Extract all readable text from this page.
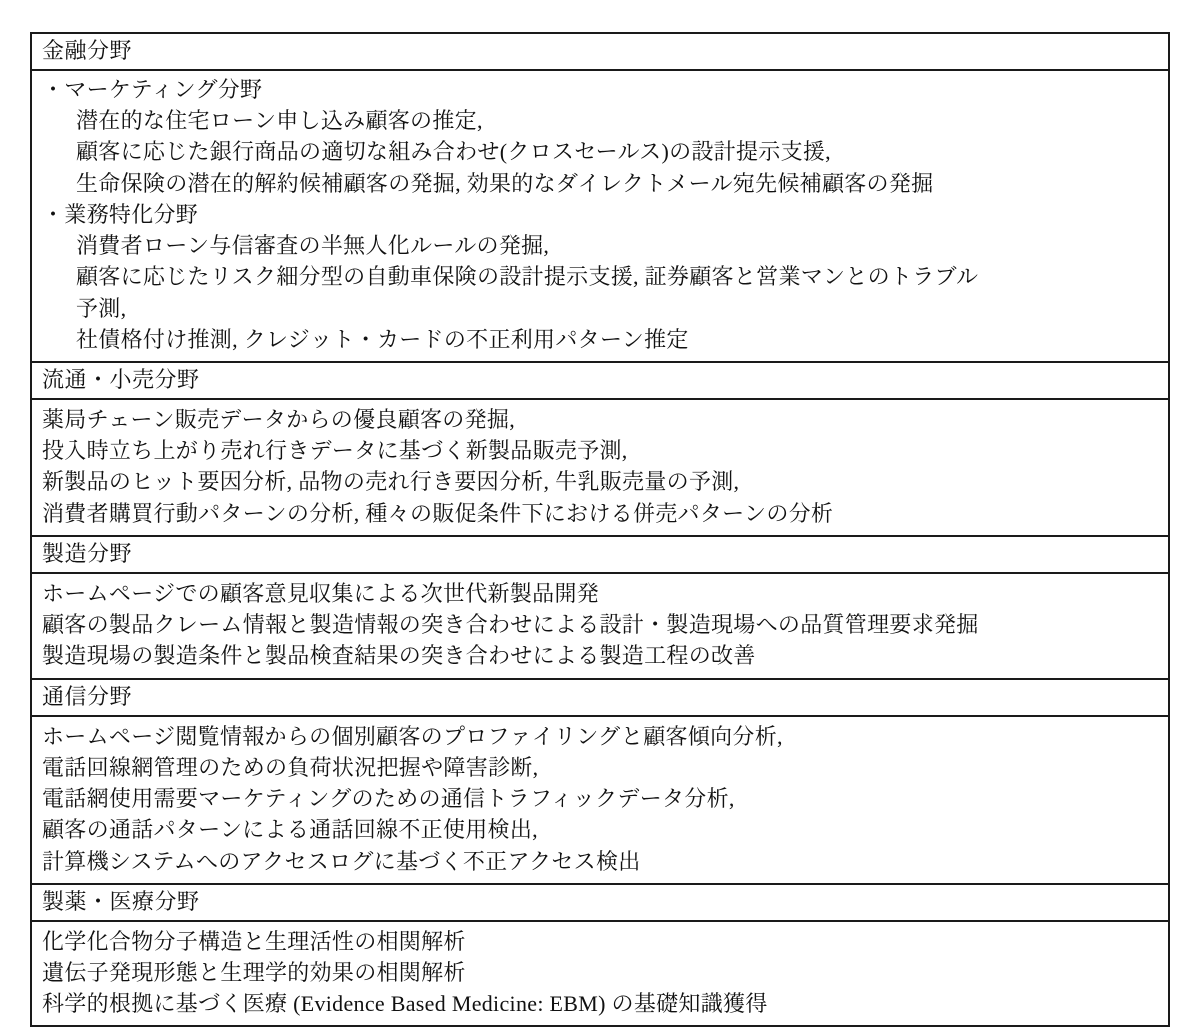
金融分野
・マーケティング分野
潜在的な住宅ローン申し込み顧客の推定,
顧客に応じた銀行商品の適切な組み合わせ(クロスセールス)の設計提示支援,
生命保険の潜在的解約候補顧客の発掘, 効果的なダイレクトメール宛先候補顧客の発掘
・業務特化分野
消費者ローン与信審査の半無人化ルールの発掘,
顧客に応じたリスク細分型の自動車保険の設計提示支援, 証券顧客と営業マンとのトラブル
予測,
社債格付け推測, クレジット・カードの不正利用パターン推定
流通・小売分野
薬局チェーン販売データからの優良顧客の発掘,
投入時立ち上がり売れ行きデータに基づく新製品販売予測,
新製品のヒット要因分析, 品物の売れ行き要因分析, 牛乳販売量の予測,
消費者購買行動パターンの分析, 種々の販促条件下における併売パターンの分析
製造分野
ホームページでの顧客意見収集による次世代新製品開発
顧客の製品クレーム情報と製造情報の突き合わせによる設計・製造現場への品質管理要求発掘
製造現場の製造条件と製品検査結果の突き合わせによる製造工程の改善
通信分野
ホームページ閲覧情報からの個別顧客のプロファイリングと顧客傾向分析,
電話回線網管理のための負荷状況把握や障害診断,
電話網使用需要マーケティングのための通信トラフィックデータ分析,
顧客の通話パターンによる通話回線不正使用検出,
計算機システムへのアクセスログに基づく不正アクセス検出
製薬・医療分野
化学化合物分子構造と生理活性の相関解析
遺伝子発現形態と生理学的効果の相関解析
科学的根拠に基づく医療 (Evidence Based Medicine: EBM) の基礎知識獲得
